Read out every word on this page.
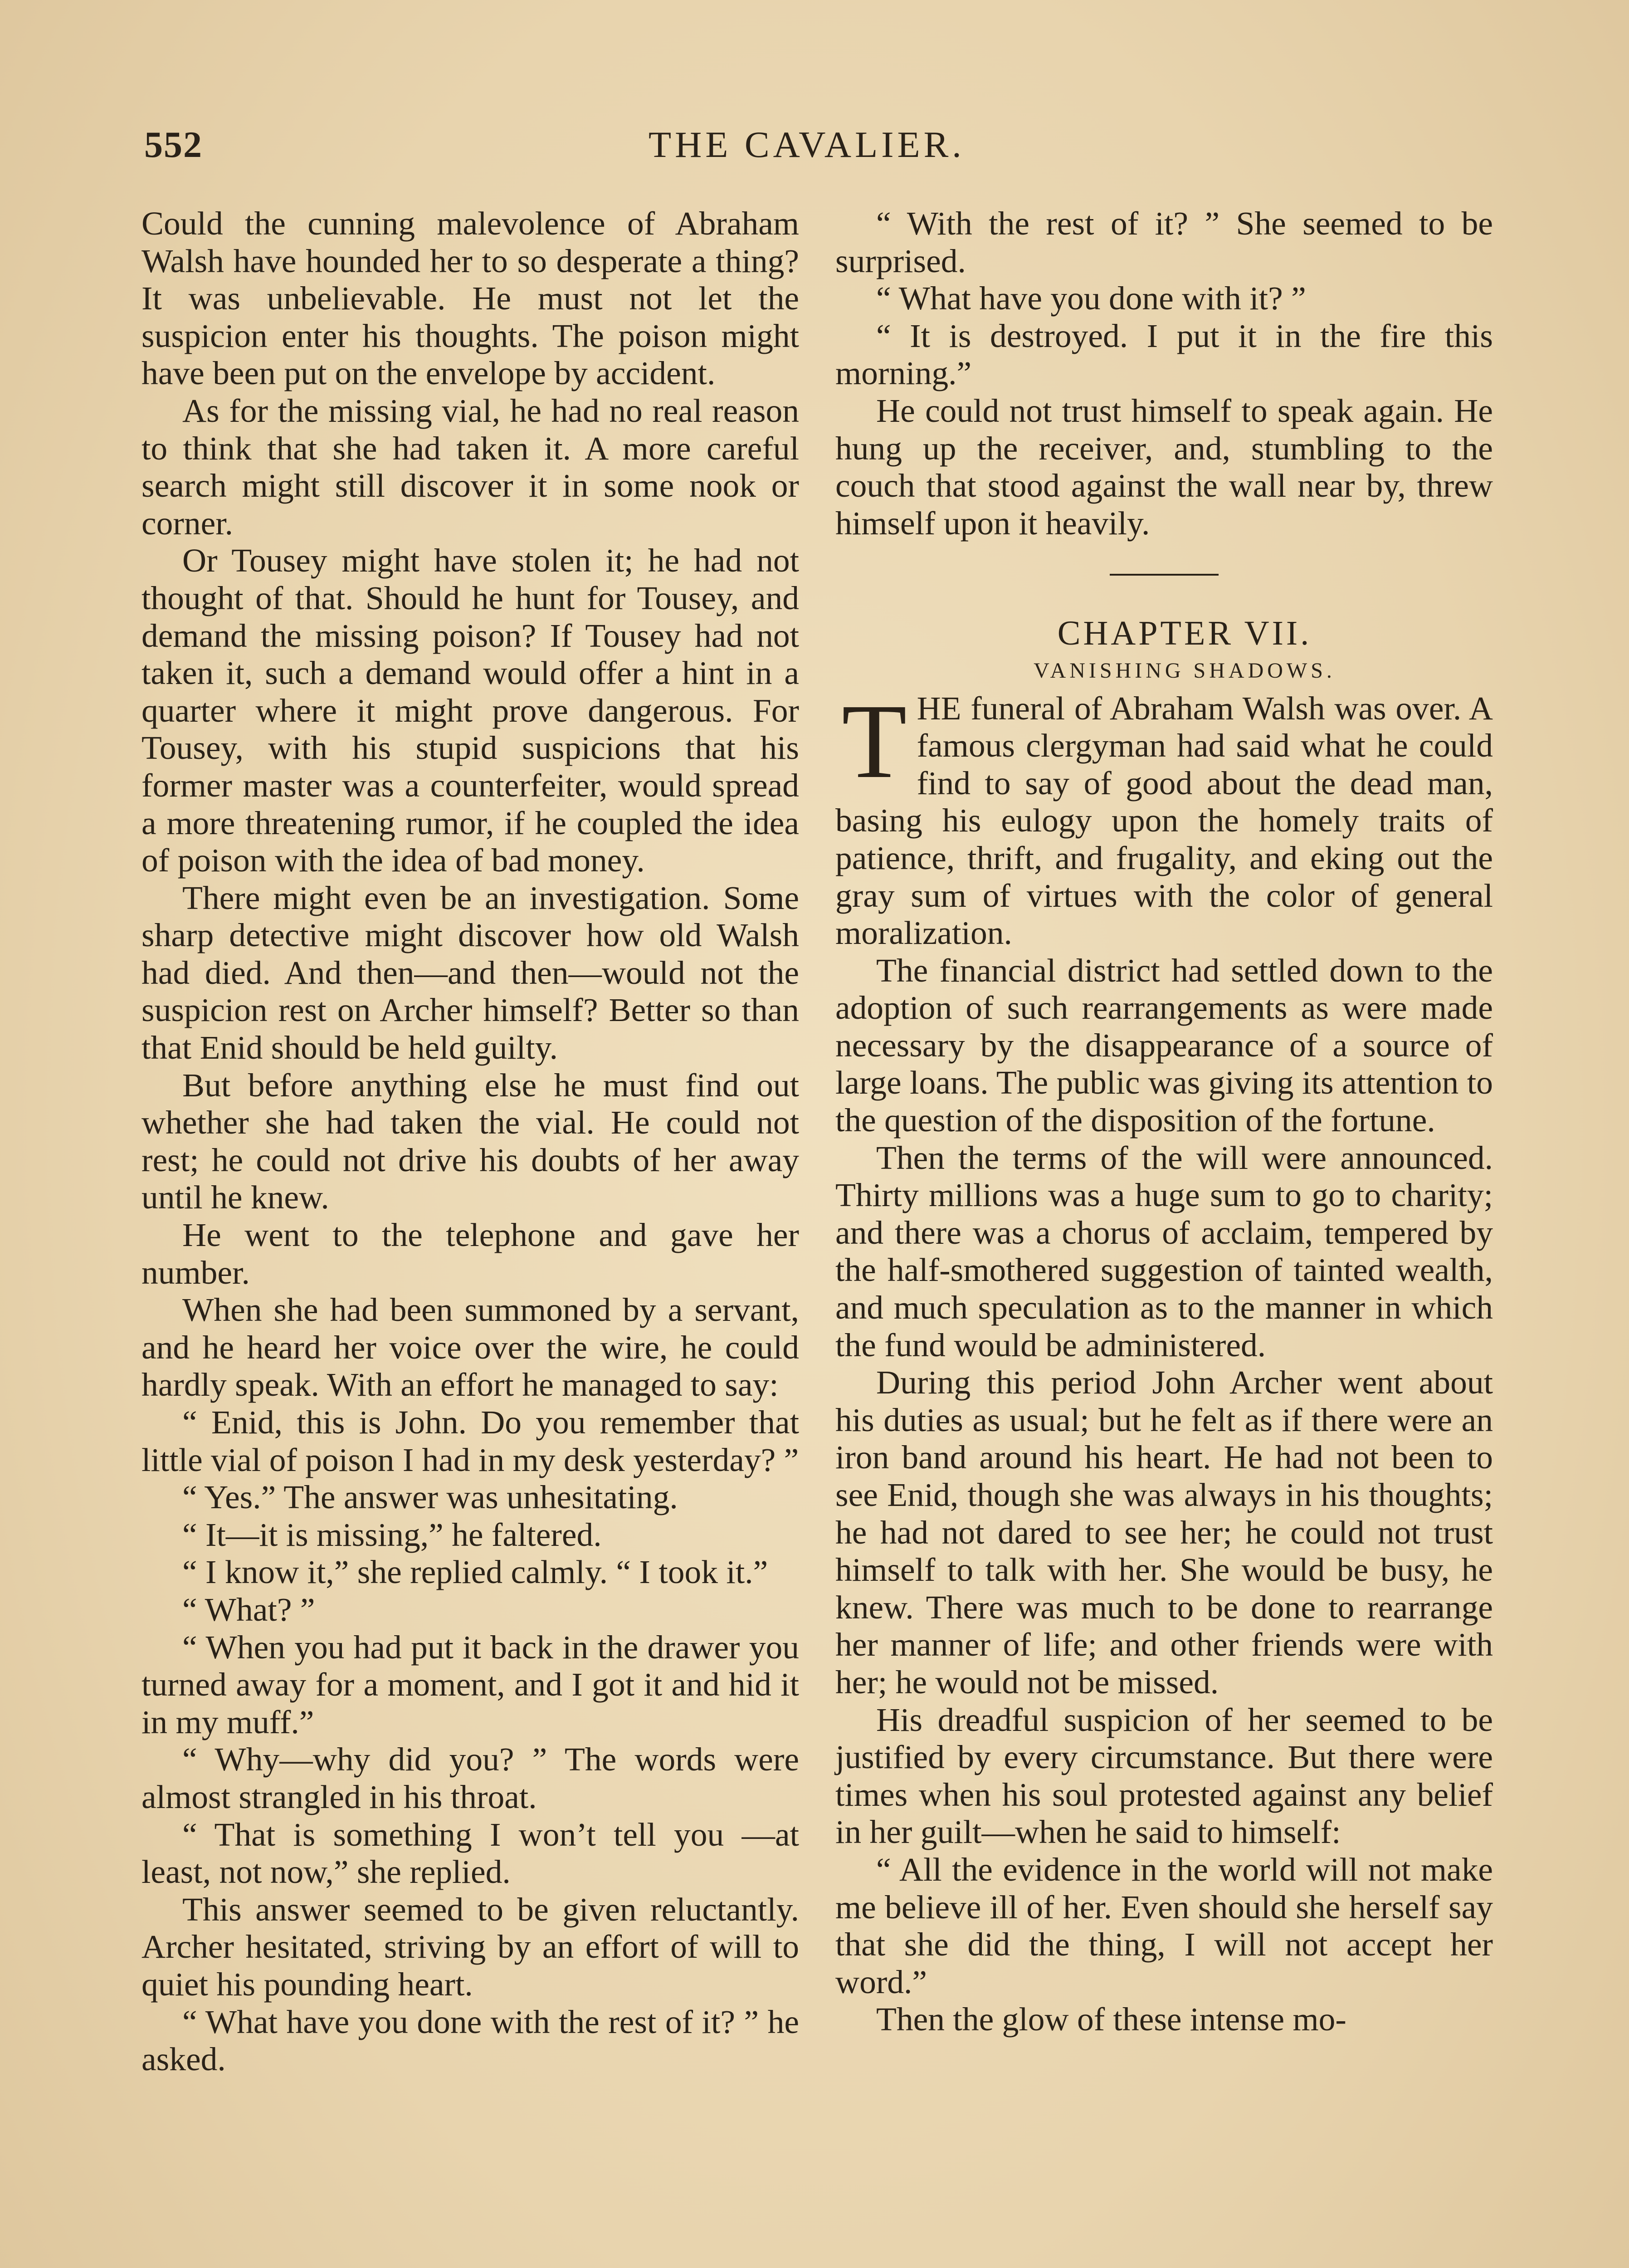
552	THE CAVALIER.

Could the cunning malevolence of Abraham Walsh have hounded her to so desperate a thing? It was unbelievable. He must not let the suspicion enter his thoughts. The poison might have been put on the envelope by accident.

As for the missing vial, he had no real reason to think that she had taken it. A more careful search might still discover it in some nook or corner.

Or Tousey might have stolen it; he had not thought of that. Should he hunt for Tousey, and demand the missing poison? If Tousey had not taken it, such a demand would offer a hint in a quarter where it might prove dangerous. For Tousey, with his stupid suspicions that his former master was a counterfeiter, would spread a more threatening rumor, if he coupled the idea of poison with the idea of bad money.

There might even be an investigation. Some sharp detective might discover how old Walsh had died. And then—and then—would not the suspicion rest on Archer himself? Better so than that Enid should be held guilty.

But before anything else he must find out whether she had taken the vial. He could not rest; he could not drive his doubts of her away until he knew.

He went to the telephone and gave her number.

When she had been summoned by a servant, and he heard her voice over the wire, he could hardly speak. With an effort he managed to say:

“ Enid, this is John. Do you remember that little vial of poison I had in my desk yesterday? ”

“ Yes.” The answer was unhesitating.

“ It—it is missing,” he faltered.

“ I know it,” she replied calmly. “ I took it.”

“ What? ”

“ When you had put it back in the drawer you turned away for a moment, and I got it and hid it in my muff.”

“ Why—why did you? ” The words were almost strangled in his throat.

“ That is something I won’t tell you —at least, not now,” she replied.

This answer seemed to be given reluctantly. Archer hesitated, striving by an effort of will to quiet his pounding heart.

“ What have you done with the rest of it? ” he asked.

“ With the rest of it? ” She seemed to be surprised.

“ What have you done with it? ”

“ It is destroyed. I put it in the fire this morning.”

He could not trust himself to speak again. He hung up the receiver, and, stumbling to the couch that stood against the wall near by, threw himself upon it heavily.

CHAPTER VII.

VANISHING SHADOWS.

THE funeral of Abraham Walsh was over. A famous clergyman had said what he could find to say of good about the dead man, basing his eulogy upon the homely traits of patience, thrift, and frugality, and eking out the gray sum of virtues with the color of general moralization.

The financial district had settled down to the adoption of such rearrangements as were made necessary by the disappearance of a source of large loans. The public was giving its attention to the question of the disposition of the fortune.

Then the terms of the will were announced. Thirty millions was a huge sum to go to charity; and there was a chorus of acclaim, tempered by the half-smothered suggestion of tainted wealth, and much speculation as to the manner in which the fund would be administered.

During this period John Archer went about his duties as usual; but he felt as if there were an iron band around his heart. He had not been to see Enid, though she was always in his thoughts; he had not dared to see her; he could not trust himself to talk with her. She would be busy, he knew. There was much to be done to rearrange her manner of life; and other friends were with her; he would not be missed.

His dreadful suspicion of her seemed to be justified by every circumstance. But there were times when his soul protested against any belief in her guilt—when he said to himself:

“ All the evidence in the world will not make me believe ill of her. Even should she herself say that she did the thing, I will not accept her word.”

Then the glow of these intense mo-
